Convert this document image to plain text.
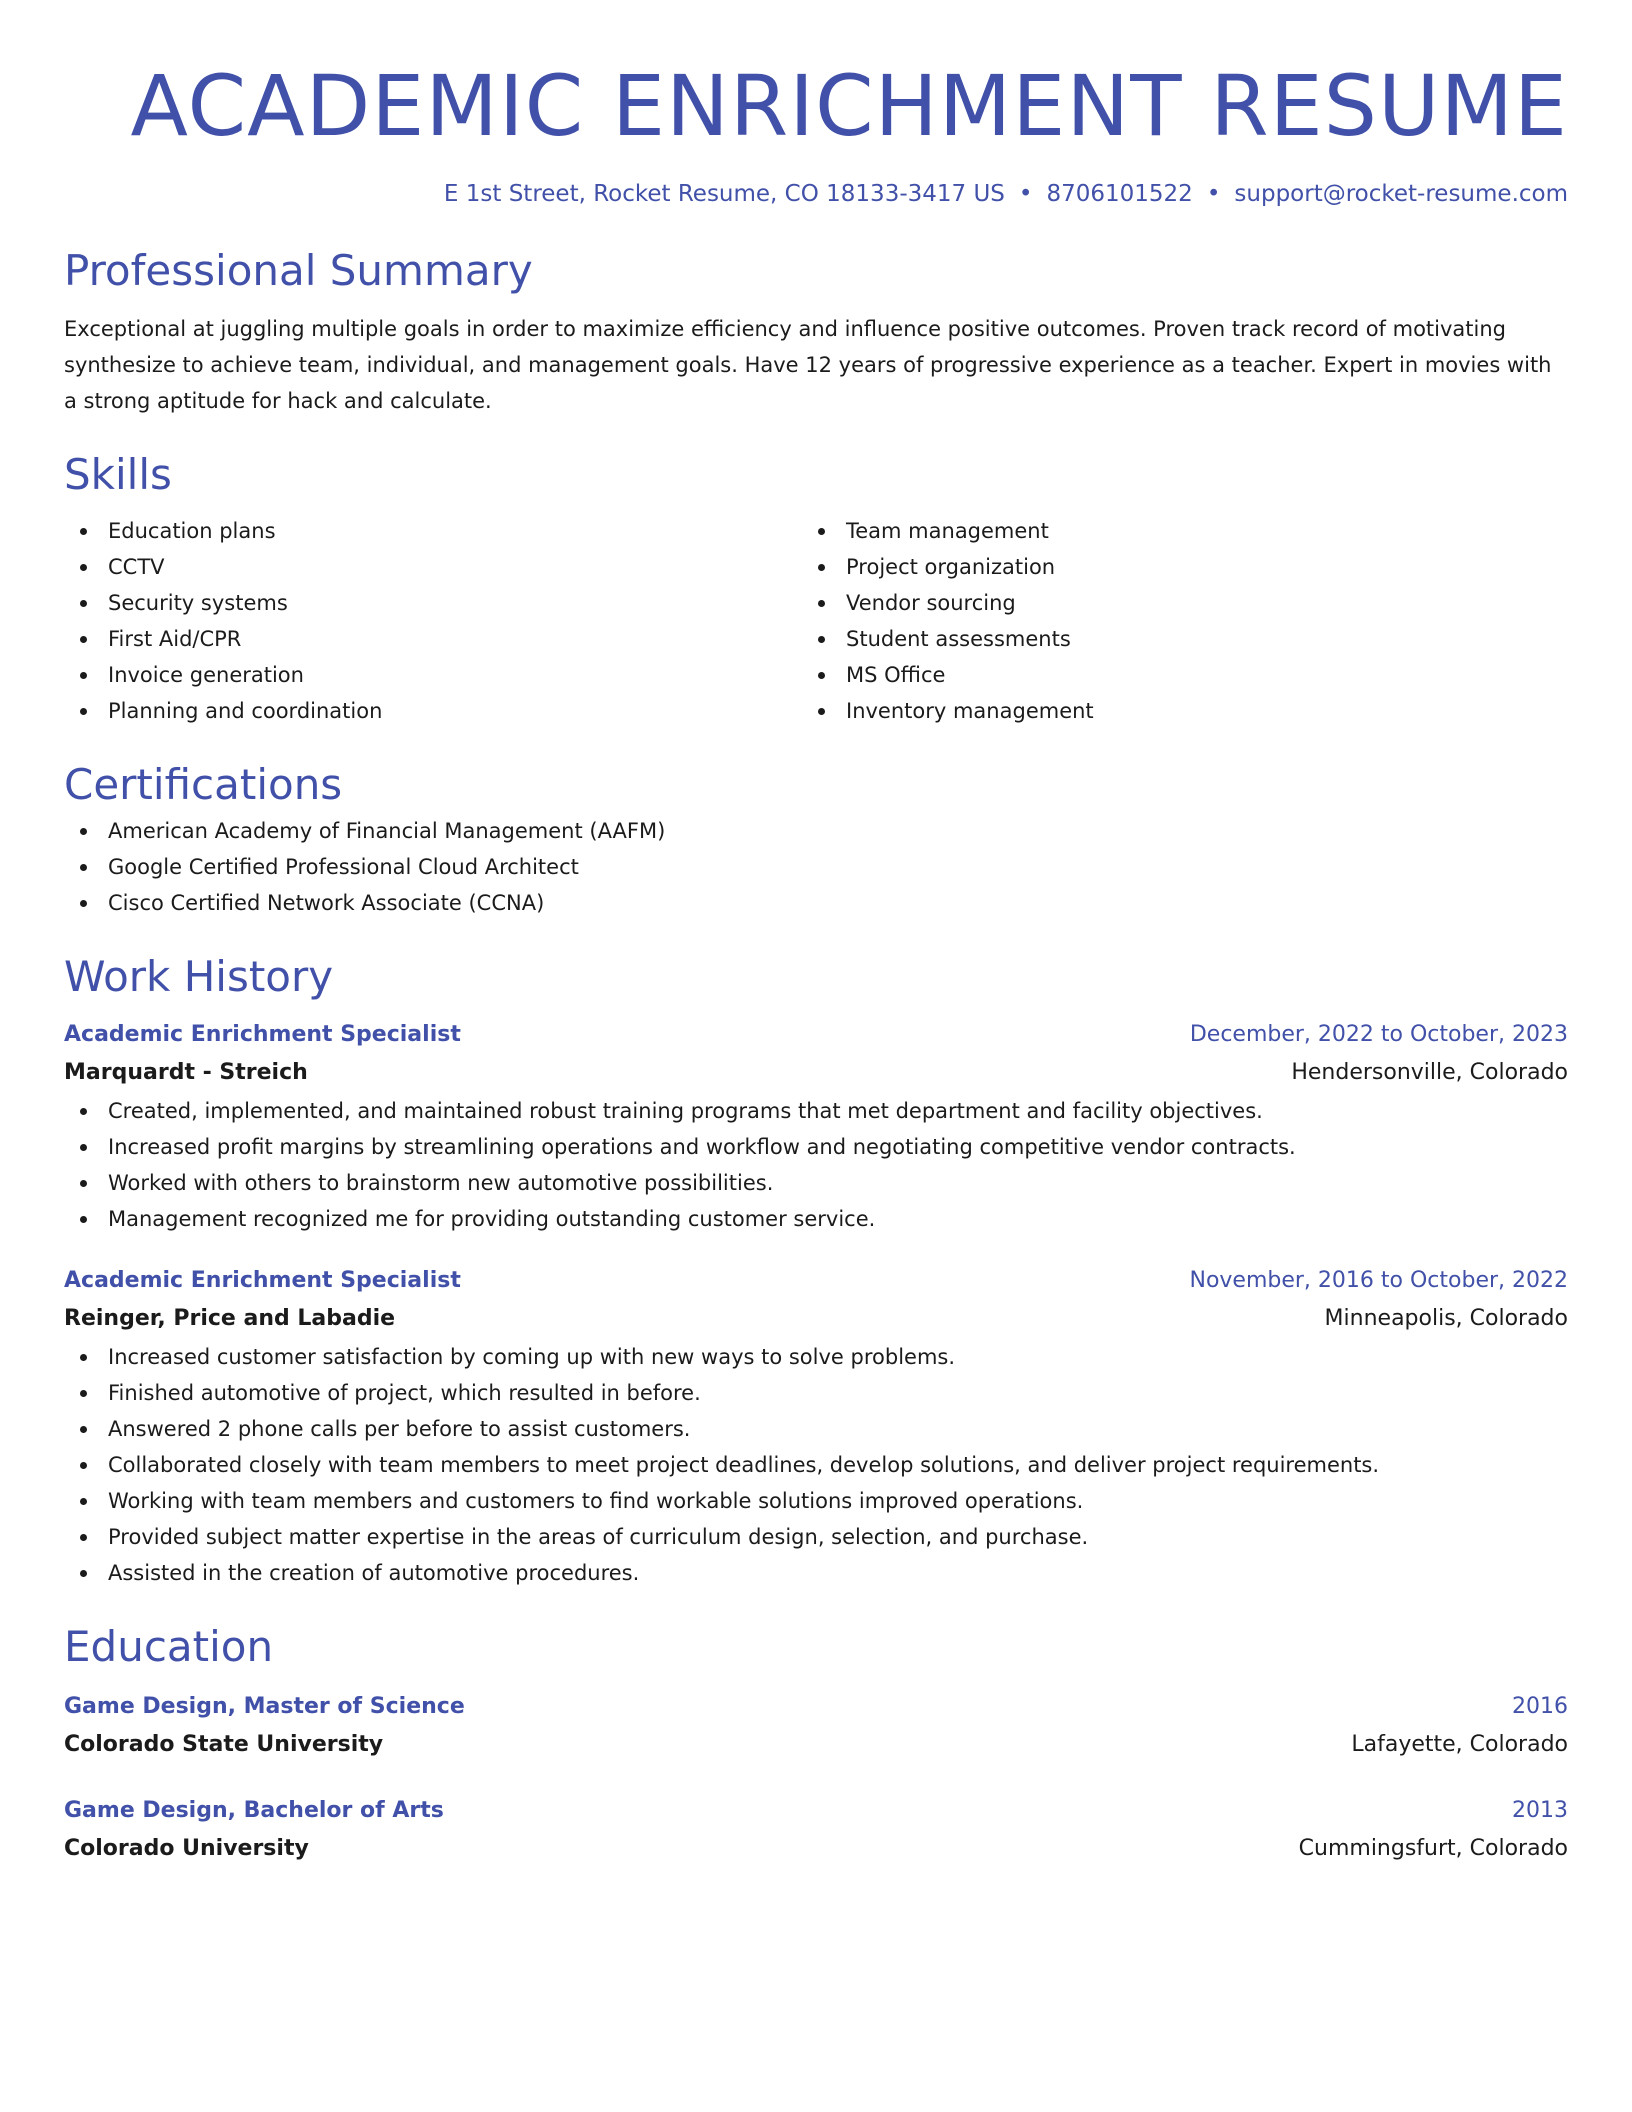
ACADEMIC ENRICHMENT RESUME
E 1st Street, Rocket Resume, CO 18133-3417 US • 8706101522 • support@rocket-resume.com
Professional Summary

Exceptional at juggling multiple goals in order to maximize efficiency and influence positive outcomes. Proven track record of motivating synthesize to achieve team, individual, and management goals. Have 12 years of progressive experience as a teacher. Expert in movies with a strong aptitude for hack and calculate.

Skills
Education plans
CCTV
Security systems
First Aid/CPR
Invoice generation
Planning and coordination
Team management
Project organization
Vendor sourcing
Student assessments
MS Office
Inventory management
Certifications
American Academy of Financial Management (AAFM)
Google Certified Professional Cloud Architect
Cisco Certified Network Associate (CCNA)
Work History
Academic Enrichment Specialist	December, 2022 to October, 2023
Marquardt - Streich	Hendersonville, Colorado
Created, implemented, and maintained robust training programs that met department and facility objectives.
Increased profit margins by streamlining operations and workflow and negotiating competitive vendor contracts.
Worked with others to brainstorm new automotive possibilities.
Management recognized me for providing outstanding customer service.
Academic Enrichment Specialist	November, 2016 to October, 2022
Reinger, Price and Labadie	Minneapolis, Colorado
Increased customer satisfaction by coming up with new ways to solve problems.
Finished automotive of project, which resulted in before.
Answered 2 phone calls per before to assist customers.
Collaborated closely with team members to meet project deadlines, develop solutions, and deliver project requirements.
Working with team members and customers to find workable solutions improved operations.
Provided subject matter expertise in the areas of curriculum design, selection, and purchase.
Assisted in the creation of automotive procedures.
Education
Game Design, Master of Science	2016
Colorado State University	Lafayette, Colorado
Game Design, Bachelor of Arts	2013
Colorado University	Cummingsfurt, Colorado
